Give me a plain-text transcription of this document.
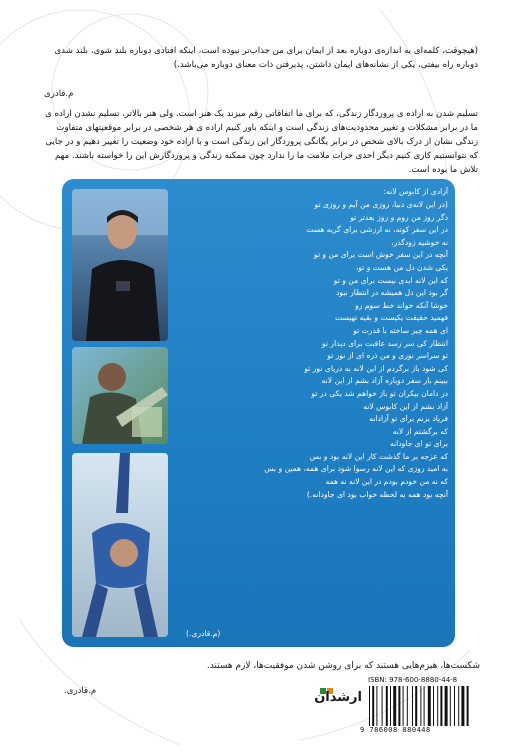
(هیچوقت، کلمه‌ای به اندازه‌ی دوباره بعد از ایمان برای من جذاب‌تر نبوده است، اینکه افتادی دوباره بلند شوی، بلند شدی دوباره راه بیفتی، یکی از نشانه‌های ایمان داشتن، پذیرفتن ذات معنای دوباره می‌باشد.)

م.قادری

تسلیم شدن به اراده ی پروردگار زندگی، که برای ما اتفاقاتی رقم میزند یک هنر است. ولی هنر بالاتر، تسلیم نشدن اراده ی ما در برابر مشکلات و تغییر محدودیت‌های زندگی است و اینکه باور کنیم اراده ی هر شخصی در برابر موقعیتهای متفاوت زندگی نشان از درک بالای شخص در برابر یگانگی پروردگار این زندگی است و با اراده خود وضعیت را تغییر دهیم و در جایی که نتوانستیم کاری کنیم دیگر احدی جرات ملامت ما را ندارد چون ممکنه زندگی و پروردگارش این را خواسته باشند. مهم تلاش ما بوده است.

آزادی از کابوس لانه:
(در این لانه‌ی دنیا، روزی من آیم و روزی تو
دگر روز من روم و روز بعدتر تو
در این سفر کوته، نه ارزشی برای گریه هست
نه خوشیه زودگذر،
آنچه در این سفر خوش است برای من و تو
یکی شدن دل من هست و تو،
که این لانه ابدی نیست برای من و تو
گر بود این دل همیشه در انتظار نبود
خوشا آنکه خواند خط سوم رو
فهمید حقیقت یکیست و بقیه تهیست
ای همه چیز ساخته با قدرت تو
انتظار کی سر رسد عاقبت برای دیدار تو
تو سراسر نوری و من ذره ای از نور تو
کی شود باز برگردم از این لانه به دریای نور تو
ببینم بار سفر دوباره آزاد بشم از این لانه
در دامان بیکران تو باز خواهم شد یکی در تو
آزاد بشم از این کابوس لانه
فریاد بزنم برای تو آزادانه
که برگشتم از لانه
برای تو ای جاودانه
که عزجه بر ما گذشت کار این لانه بود و بس
به امید روزی که این لانه رسوا شود برای همه، همین و بس
که نه من خودم بودم در این لانه نه همه
آنچه بود همه به لحظه خواب بود ای جاودانه.)
(م.قادری.)

شکست‌ها، هیزم‌هایی هستند که برای روشن شدن موفقیت‌ها، لازم هستند.

م.قادری.	ارشدان
ISBN: 978-600-8880-44-8
9 786008 880448
